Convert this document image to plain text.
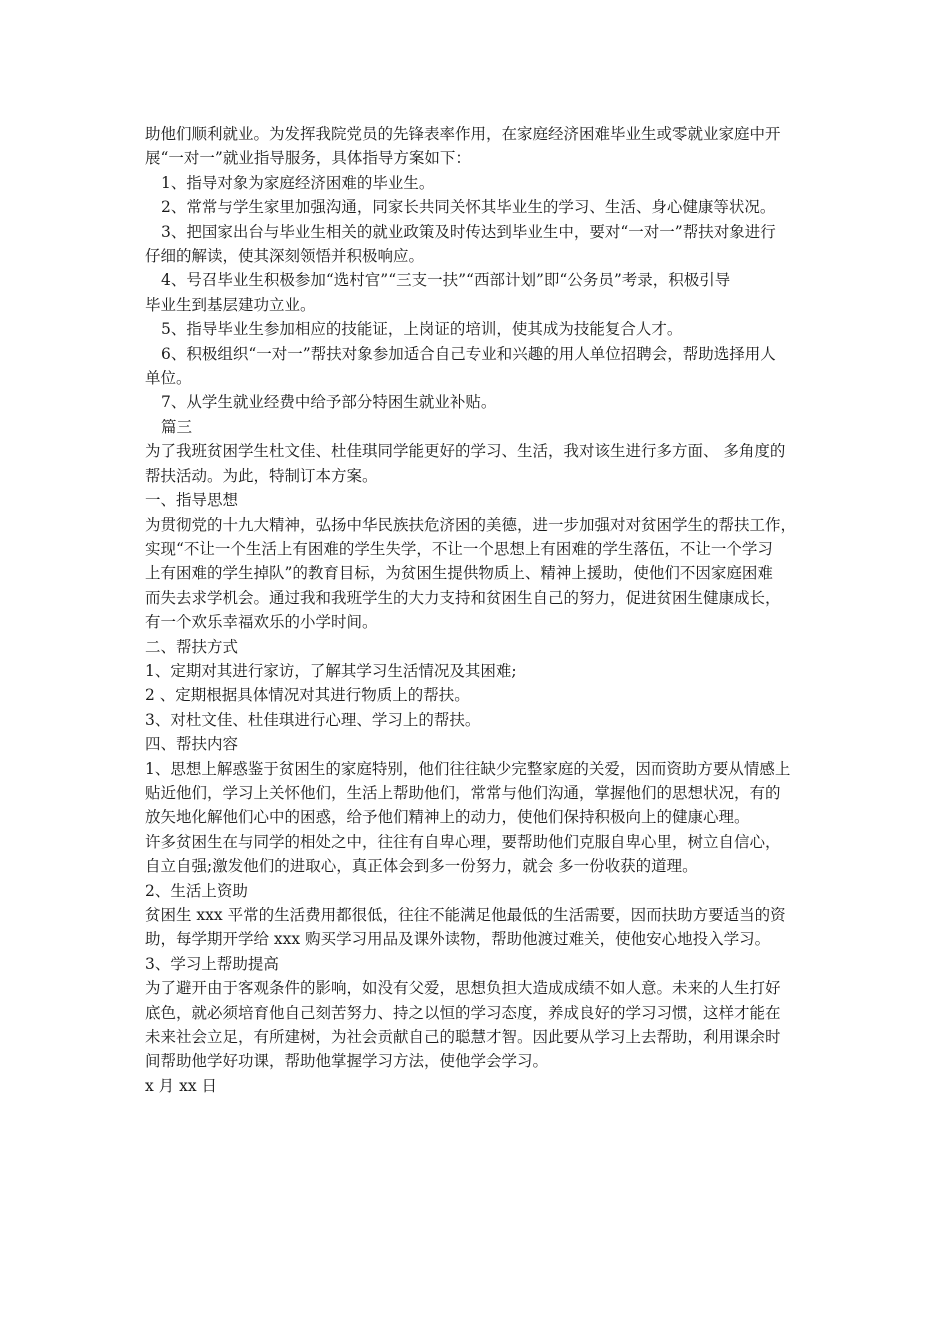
助他们顺利就业。为发挥我院党员的先锋表率作用，在家庭经济困难毕业生或零就业家庭中开

展“一对一”就业指导服务，具体指导方案如下：

1、指导对象为家庭经济困难的毕业生。

2、常常与学生家里加强沟通，同家长共同关怀其毕业生的学习、生活、身心健康等状况。

3、把国家出台与毕业生相关的就业政策及时传达到毕业生中，要对“一对一”帮扶对象进行

仔细的解读，使其深刻领悟并积极响应。

4、号召毕业生积极参加“选村官”“三支一扶”“西部计划”即“公务员”考录，积极引导

毕业生到基层建功立业。

5、指导毕业生参加相应的技能证，上岗证的培训，使其成为技能复合人才。

6、积极组织“一对一”帮扶对象参加适合自己专业和兴趣的用人单位招聘会，帮助选择用人

单位。

7、从学生就业经费中给予部分特困生就业补贴。

篇三

为了我班贫困学生杜文佳、杜佳琪同学能更好的学习、生活，我对该生进行多方面、 多角度的

帮扶活动。为此，特制订本方案。

一、指导思想

为贯彻党的十九大精神，弘扬中华民族扶危济困的美德，进一步加强对对贫困学生的帮扶工作，

实现“不让一个生活上有困难的学生失学，不让一个思想上有困难的学生落伍，不让一个学习

上有困难的学生掉队”的教育目标，为贫困生提供物质上、精神上援助，使他们不因家庭困难

而失去求学机会。通过我和我班学生的大力支持和贫困生自己的努力，促进贫困生健康成长，

有一个欢乐幸福欢乐的小学时间。

二、帮扶方式

1、定期对其进行家访，了解其学习生活情况及其困难;

2 、定期根据具体情况对其进行物质上的帮扶。

3、对杜文佳、杜佳琪进行心理、学习上的帮扶。

四、帮扶内容

1、思想上解惑鉴于贫困生的家庭特别，他们往往缺少完整家庭的关爱，因而资助方要从情感上

贴近他们，学习上关怀他们，生活上帮助他们，常常与他们沟通，掌握他们的思想状况，有的

放矢地化解他们心中的困惑，给予他们精神上的动力，使他们保持积极向上的健康心理。

许多贫困生在与同学的相处之中，往往有自卑心理，要帮助他们克服自卑心里，树立自信心，

自立自强;激发他们的进取心，真正体会到多一份努力，就会 多一份收获的道理。

2、生活上资助

贫困生 xxx 平常的生活费用都很低，往往不能满足他最低的生活需要，因而扶助方要适当的资

助，每学期开学给 xxx 购买学习用品及课外读物，帮助他渡过难关，使他安心地投入学习。

3、学习上帮助提高

为了避开由于客观条件的影响，如没有父爱，思想负担大造成成绩不如人意。未来的人生打好

底色，就必须培育他自己刻苦努力、持之以恒的学习态度，养成良好的学习习惯，这样才能在

未来社会立足，有所建树，为社会贡献自己的聪慧才智。因此要从学习上去帮助，利用课余时

间帮助他学好功课，帮助他掌握学习方法，使他学会学习。

x 月 xx 日
